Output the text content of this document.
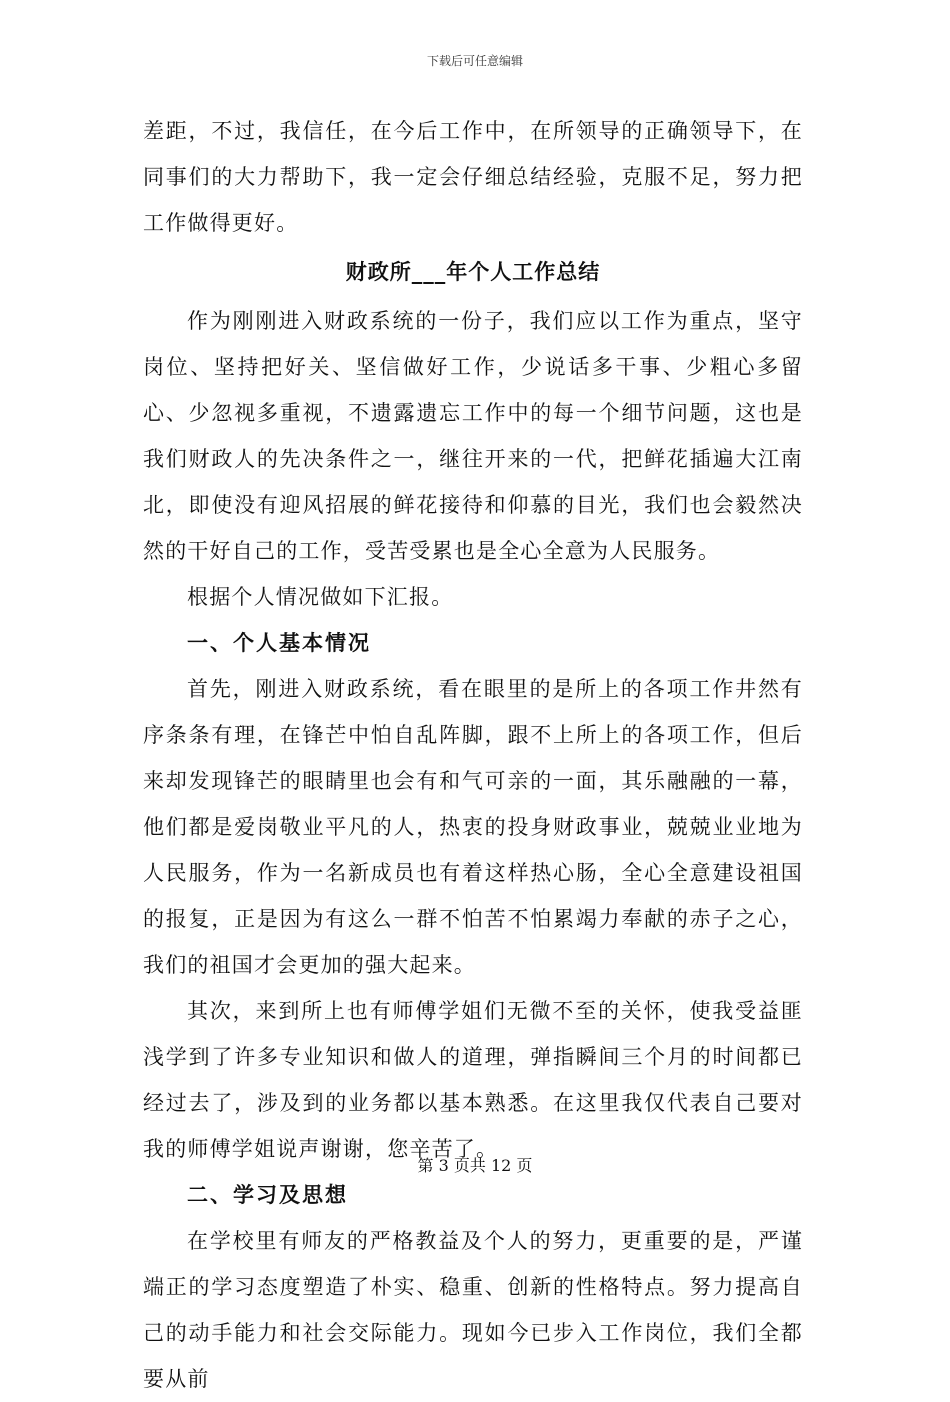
下载后可任意编辑

差距，不过，我信任，在今后工作中，在所领导的正确领导下，在同事们的大力帮助下，我一定会仔细总结经验，克服不足，努力把工作做得更好。

财政所___年个人工作总结

作为刚刚进入财政系统的一份子，我们应以工作为重点，坚守岗位、坚持把好关、坚信做好工作，少说话多干事、少粗心多留心、少忽视多重视，不遗露遗忘工作中的每一个细节问题，这也是我们财政人的先决条件之一，继往开来的一代，把鲜花插遍大江南北，即使没有迎风招展的鲜花接待和仰慕的目光，我们也会毅然决然的干好自己的工作，受苦受累也是全心全意为人民服务。

根据个人情况做如下汇报。

一、个人基本情况

首先，刚进入财政系统，看在眼里的是所上的各项工作井然有序条条有理，在锋芒中怕自乱阵脚，跟不上所上的各项工作，但后来却发现锋芒的眼睛里也会有和气可亲的一面，其乐融融的一幕，他们都是爱岗敬业平凡的人，热衷的投身财政事业，兢兢业业地为人民服务，作为一名新成员也有着这样热心肠，全心全意建设祖国的报复，正是因为有这么一群不怕苦不怕累竭力奉献的赤子之心，我们的祖国才会更加的强大起来。

其次，来到所上也有师傅学姐们无微不至的关怀，使我受益匪浅学到了许多专业知识和做人的道理，弹指瞬间三个月的时间都已经过去了，涉及到的业务都以基本熟悉。在这里我仅代表自己要对我的师傅学姐说声谢谢，您辛苦了。

二、学习及思想

在学校里有师友的严格教益及个人的努力，更重要的是，严谨端正的学习态度塑造了朴实、稳重、创新的性格特点。努力提高自己的动手能力和社会交际能力。现如今已步入工作岗位，我们全都要从前

第 3 页共 12 页
